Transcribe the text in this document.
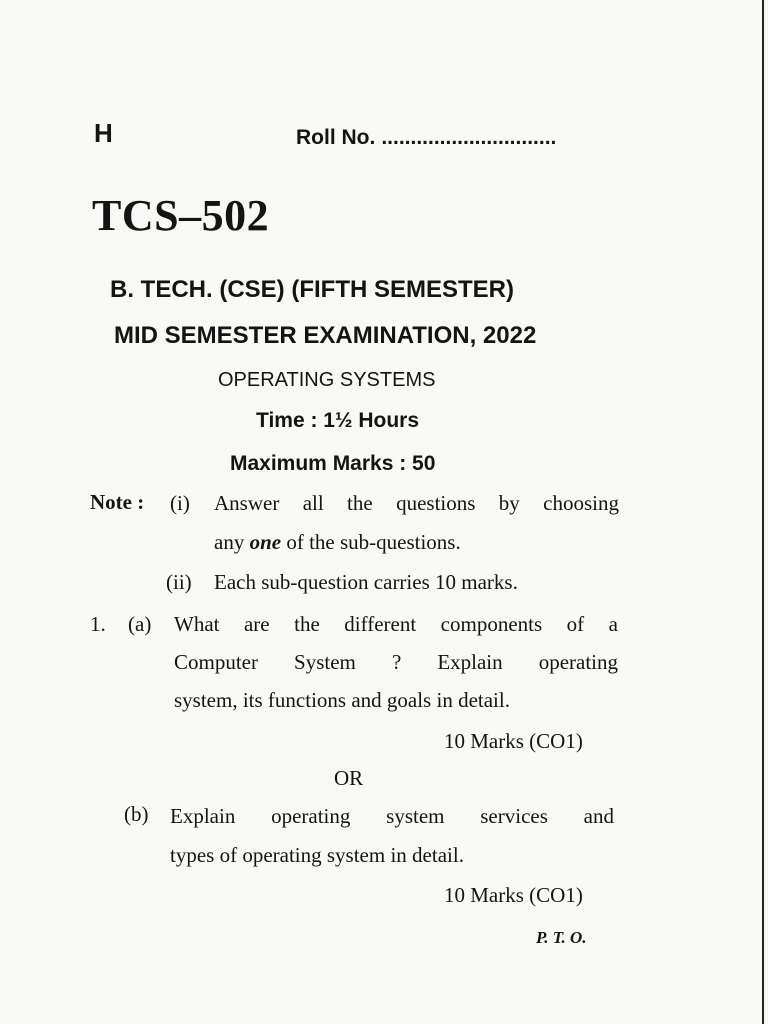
H	Roll No. ..............................
TCS–502
B. TECH. (CSE) (FIFTH SEMESTER)
MID SEMESTER EXAMINATION, 2022
OPERATING SYSTEMS
Time : 1½ Hours
Maximum Marks : 50
Note : (i) Answer all the questions by choosing
any one of the sub-questions.
(ii) Each sub-question carries 10 marks.
1. (a) What are the different components of a
Computer System ? Explain operating
system, its functions and goals in detail.
10 Marks (CO1)
OR
(b) Explain operating system services and
types of operating system in detail.
10 Marks (CO1)
P. T. O.
